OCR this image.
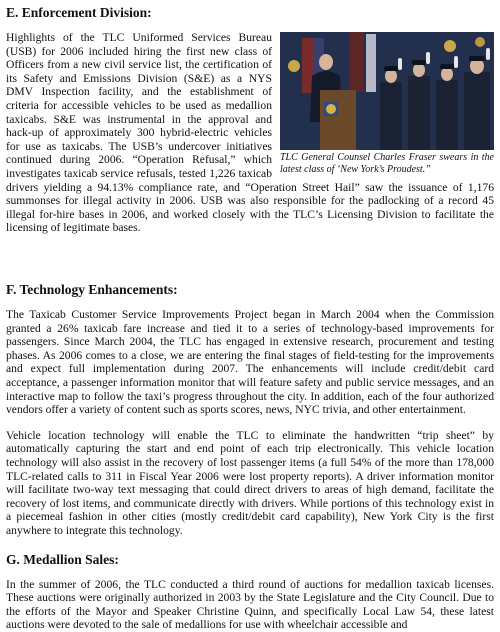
E. Enforcement Division:
TLC General Counsel Charles Fraser swears in the latest class of ‘New York’s Proudest.”

Highlights of the TLC Uniformed Services Bureau (USB) for 2006 included hiring the first new class of Officers from a new civil service list, the certification of its Safety and Emissions Division (S&E) as a NYS DMV Inspection facility, and the establishment of criteria for accessible vehicles to be used as medallion taxicabs. S&E was instrumental in the approval and hack-up of approximately 300 hybrid-electric vehicles for use as taxicabs. The USB’s undercover initiatives continued during 2006. “Operation Refusal,” which investigates taxicab service refusals, tested 1,226 taxicab drivers yielding a 94.13% compliance rate, and “Operation Street Hail” saw the issuance of 1,176 summonses for illegal activity in 2006. USB was also responsible for the padlocking of a record 45 illegal for-hire bases in 2006, and worked closely with the TLC’s Licensing Division to facilitate the licensing of legitimate bases.

F. Technology Enhancements:

The Taxicab Customer Service Improvements Project began in March 2004 when the Commission granted a 26% taxicab fare increase and tied it to a series of technology-based improvements for passengers. Since March 2004, the TLC has engaged in extensive research, procurement and testing phases. As 2006 comes to a close, we are entering the final stages of field-testing for the improvements and expect full implementation during 2007. The enhancements will include credit/debit card acceptance, a passenger information monitor that will feature safety and public service messages, and an interactive map to follow the taxi’s progress throughout the city. In addition, each of the four authorized vendors offer a variety of content such as sports scores, news, NYC trivia, and other entertainment.

Vehicle location technology will enable the TLC to eliminate the handwritten “trip sheet” by automatically capturing the start and end point of each trip electronically. This vehicle location technology will also assist in the recovery of lost passenger items (a full 54% of the more than 178,000 TLC-related calls to 311 in Fiscal Year 2006 were lost property reports). A driver information monitor will facilitate two-way text messaging that could direct drivers to areas of high demand, facilitate the recovery of lost items, and communicate directly with drivers. While portions of this technology exist in a piecemeal fashion in other cities (mostly credit/debit card capability), New York City is the first anywhere to integrate this technology.

G. Medallion Sales:

In the summer of 2006, the TLC conducted a third round of auctions for medallion taxicab licenses. These auctions were originally authorized in 2003 by the State Legislature and the City Council. Due to the efforts of the Mayor and Speaker Christine Quinn, and specifically Local Law 54, these latest auctions were devoted to the sale of medallions for use with wheelchair accessible and
